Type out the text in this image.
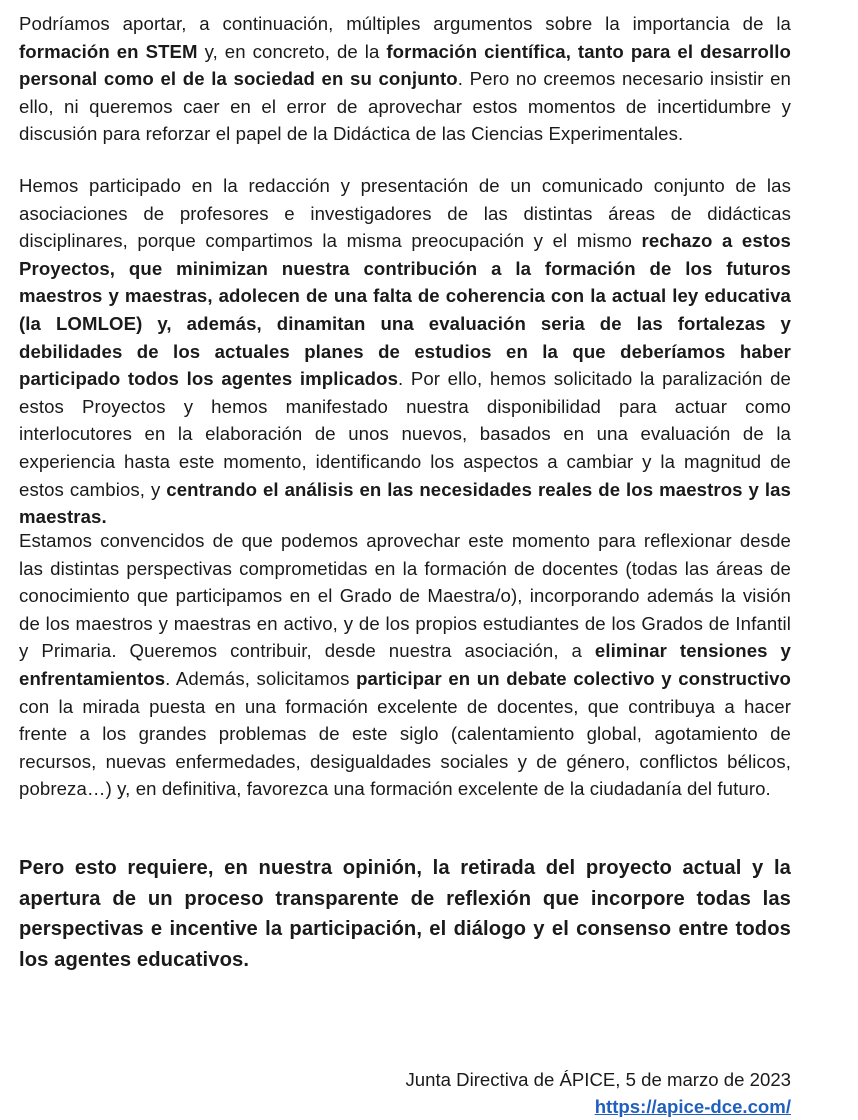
Podríamos aportar, a continuación, múltiples argumentos sobre la importancia de la formación en STEM y, en concreto, de la formación científica, tanto para el desarrollo personal como el de la sociedad en su conjunto. Pero no creemos necesario insistir en ello, ni queremos caer en el error de aprovechar estos momentos de incertidumbre y discusión para reforzar el papel de la Didáctica de las Ciencias Experimentales.

Hemos participado en la redacción y presentación de un comunicado conjunto de las asociaciones de profesores e investigadores de las distintas áreas de didácticas disciplinares, porque compartimos la misma preocupación y el mismo rechazo a estos Proyectos, que minimizan nuestra contribución a la formación de los futuros maestros y maestras, adolecen de una falta de coherencia con la actual ley educativa (la LOMLOE) y, además, dinamitan una evaluación seria de las fortalezas y debilidades de los actuales planes de estudios en la que deberíamos haber participado todos los agentes implicados. Por ello, hemos solicitado la paralización de estos Proyectos y hemos manifestado nuestra disponibilidad para actuar como interlocutores en la elaboración de unos nuevos, basados en una evaluación de la experiencia hasta este momento, identificando los aspectos a cambiar y la magnitud de estos cambios, y centrando el análisis en las necesidades reales de los maestros y las maestras.

Estamos convencidos de que podemos aprovechar este momento para reflexionar desde las distintas perspectivas comprometidas en la formación de docentes (todas las áreas de conocimiento que participamos en el Grado de Maestra/o), incorporando además la visión de los maestros y maestras en activo, y de los propios estudiantes de los Grados de Infantil y Primaria. Queremos contribuir, desde nuestra asociación, a eliminar tensiones y enfrentamientos. Además, solicitamos participar en un debate colectivo y constructivo con la mirada puesta en una formación excelente de docentes, que contribuya a hacer frente a los grandes problemas de este siglo (calentamiento global, agotamiento de recursos, nuevas enfermedades, desigualdades sociales y de género, conflictos bélicos, pobreza…) y, en definitiva, favorezca una formación excelente de la ciudadanía del futuro.

Pero esto requiere, en nuestra opinión, la retirada del proyecto actual y la apertura de un proceso transparente de reflexión que incorpore todas las perspectivas e incentive la participación, el diálogo y el consenso entre todos los agentes educativos.

Junta Directiva de ÁPICE, 5 de marzo de 2023
https://apice-dce.com/
